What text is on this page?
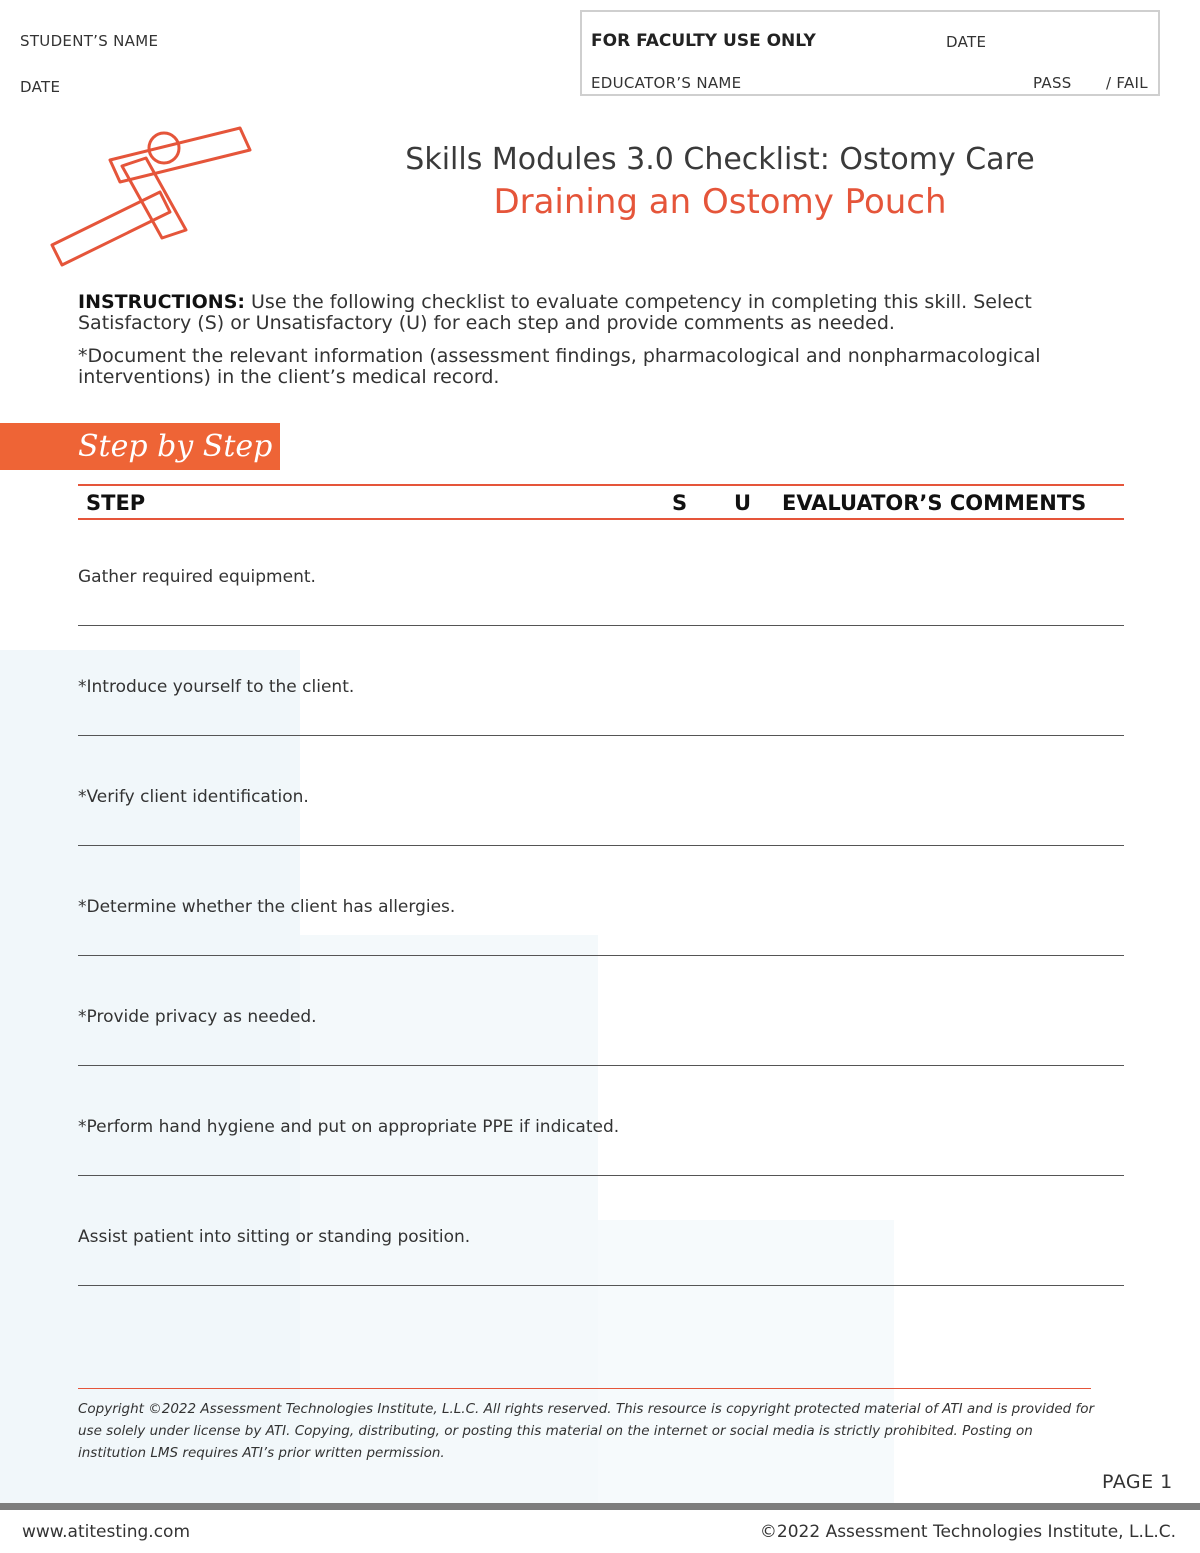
STUDENT’S NAME
DATE
FOR FACULTY USE ONLY	DATE
EDUCATOR’S NAME	PASS / FAIL
Skills Modules 3.0 Checklist: Ostomy Care
Draining an Ostomy Pouch

INSTRUCTIONS: Use the following checklist to evaluate competency in completing this skill. Select Satisfactory (S) or Unsatisfactory (U) for each step and provide comments as needed.

*Document the relevant information (assessment findings, pharmacological and nonpharmacological interventions) in the client’s medical record.

Step by Step
STEP	S U EVALUATOR’S COMMENTS
Gather required equipment.
*Introduce yourself to the client.
*Verify client identification.
*Determine whether the client has allergies.
*Provide privacy as needed.
*Perform hand hygiene and put on appropriate PPE if indicated.
Assist patient into sitting or standing position.
Copyright ©2022 Assessment Technologies Institute, L.L.C. All rights reserved. This resource is copyright protected material of ATI and is provided for use solely under license by ATI. Copying, distributing, or posting this material on the internet or social media is strictly prohibited. Posting on institution LMS requires ATI’s prior written permission.
PAGE 1
www.atitesting.com	©2022 Assessment Technologies Institute, L.L.C.
